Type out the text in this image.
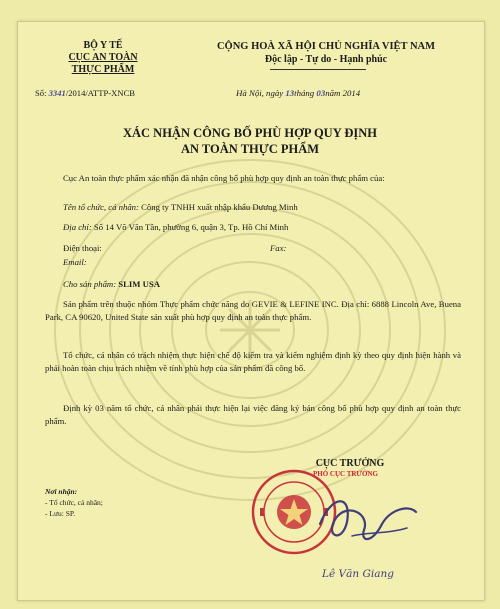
BỘ Y TẾ
CỤC AN TOÀN
THỰC PHẨM
CỘNG HOÀ XÃ HỘI CHỦ NGHĨA VIỆT NAM
Độc lập - Tự do - Hạnh phúc
Số: 3341/2014/ATTP-XNCB	Hà Nội, ngày 13tháng 03năm 2014
XÁC NHẬN CÔNG BỐ PHÙ HỢP QUY ĐỊNH
AN TOÀN THỰC PHẨM
Cục An toàn thực phẩm xác nhận đã nhận công bố phù hợp quy định an toàn thực phẩm của:
Tên tổ chức, cá nhân: Công ty TNHH xuất nhập khẩu Dương Minh
Địa chỉ: Số 14 Võ Văn Tần, phường 6, quận 3, Tp. Hồ Chí Minh
Điện thoại:	Fax:
Email:
Cho sản phẩm: SLIM USA
Sản phẩm trên thuộc nhóm Thực phẩm chức năng do GEVIE & LEFINE INC. Địa chỉ: 6888 Lincoln Ave, Buena Park, CA 90620, United State sản xuất phù hợp quy định an toàn thực phẩm.
Tổ chức, cá nhân có trách nhiệm thực hiện chế độ kiểm tra và kiểm nghiệm định kỳ theo quy định hiện hành và phải hoàn toàn chịu trách nhiệm về tính phù hợp của sản phẩm đã công bố.
Định kỳ 03 năm tổ chức, cá nhân phải thực hiện lại việc đăng ký bản công bố phù hợp quy định an toàn thực phẩm.
Nơi nhận:
- Tổ chức, cá nhân;
- Lưu: SP.
CỤC TRƯỞNG
PHÓ CỤC TRƯỞNG
Lê Văn Giang
